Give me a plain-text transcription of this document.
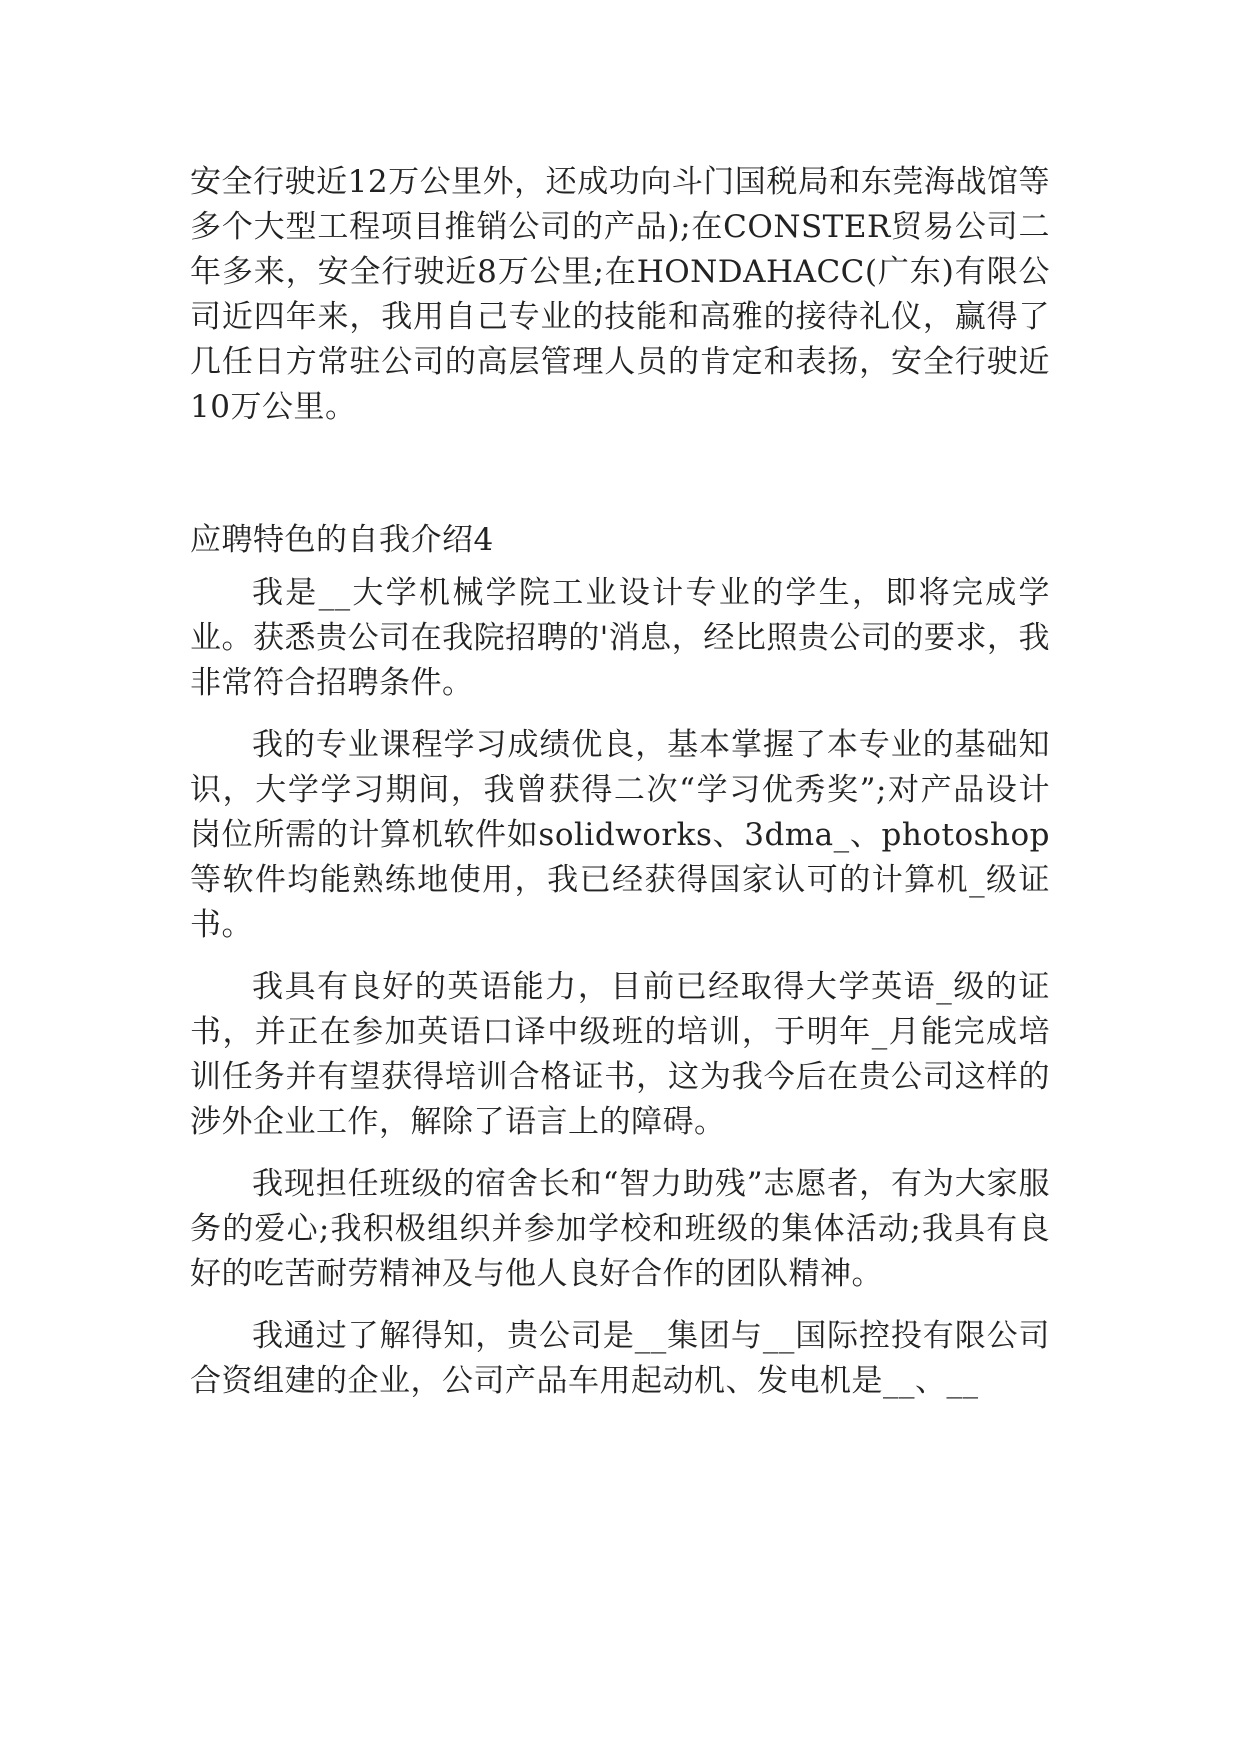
安全行驶近12万公里外，还成功向斗门国税局和东莞海战馆等多个大型工程项目推销公司的产品);在CONSTER贸易公司二年多来，安全行驶近8万公里;在HONDAHACC(广东)有限公司近四年来，我用自己专业的技能和高雅的接待礼仪，赢得了几任日方常驻公司的高层管理人员的肯定和表扬，安全行驶近10万公里。

应聘特色的自我介绍4

我是__大学机械学院工业设计专业的学生，即将完成学业。获悉贵公司在我院招聘的'消息，经比照贵公司的要求，我非常符合招聘条件。

我的专业课程学习成绩优良，基本掌握了本专业的基础知识，大学学习期间，我曾获得二次“学习优秀奖”;对产品设计岗位所需的计算机软件如solidworks、3dma_、photoshop等软件均能熟练地使用，我已经获得国家认可的计算机_级证书。

我具有良好的英语能力，目前已经取得大学英语_级的证书，并正在参加英语口译中级班的培训，于明年_月能完成培训任务并有望获得培训合格证书，这为我今后在贵公司这样的涉外企业工作，解除了语言上的障碍。

我现担任班级的宿舍长和“智力助残”志愿者，有为大家服务的爱心;我积极组织并参加学校和班级的集体活动;我具有良好的吃苦耐劳精神及与他人良好合作的团队精神。

我通过了解得知，贵公司是__集团与__国际控投有限公司合资组建的企业，公司产品车用起动机、发电机是__、__
